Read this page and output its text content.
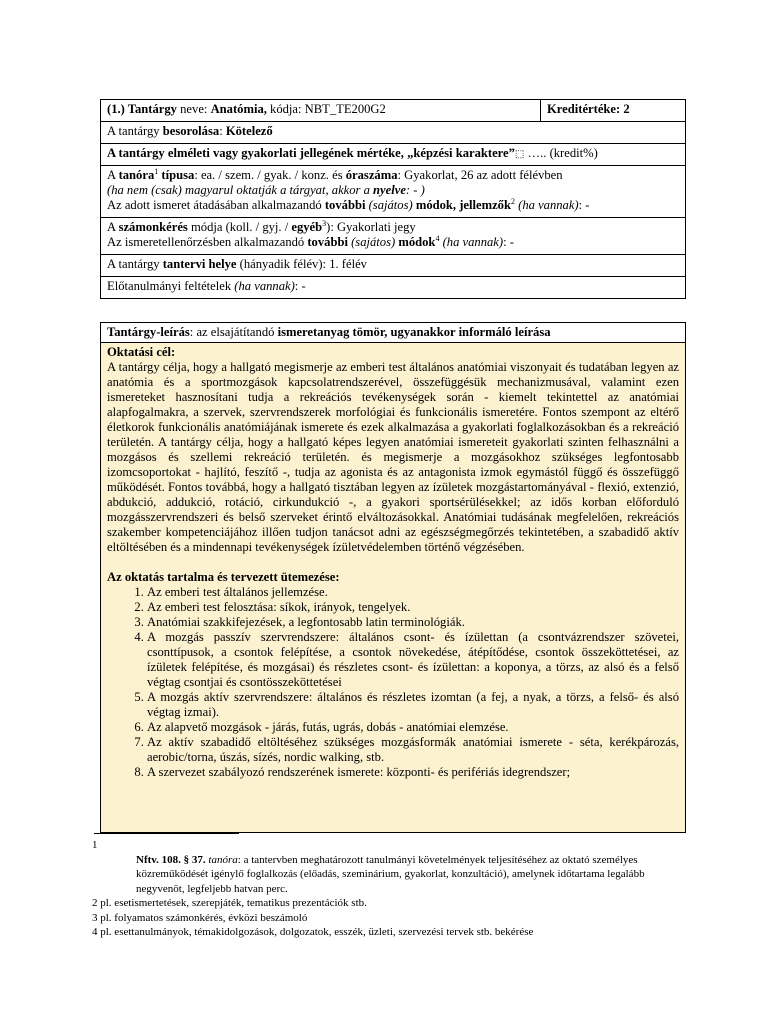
(1.) Tantárgy neve: Anatómia, kódja: NBT_TE200G2	Kreditértéke: 2
A tantárgy besorolása: Kötelező
A tantárgy elméleti vagy gyakorlati jellegének mértéke, „képzési karaktere”⬚ ….. (kredit%)

A tanóra$^1$ típusa: ea. / szem. / gyak. / konz. és óraszáma: Gyakorlat, 26 az adott félévben
(ha nem (csak) magyarul oktatják a tárgyat, akkor a nyelve: - )
Az adott ismeret átadásában alkalmazandó további (sajátos) módok, jellemzők$^2$ (ha vannak): -

A számonkérés módja (koll. / gyj. / egyéb$^3$): Gyakorlati jegy
Az ismeretellenőrzésben alkalmazandó további (sajátos) módok$^4$ (ha vannak): -

A tantárgy tantervi helye (hányadik félév): 1. félév
Előtanulmányi feltételek (ha vannak): -
Tantárgy-leírás: az elsajátítandó ismeretanyag tömör, ugyanakkor informáló leírása
Oktatási cél:
A tantárgy célja, hogy a hallgató megismerje az emberi test általános anatómiai viszonyait és tudatában legyen az anatómia és a sportmozgások kapcsolatrendszerével, összefüggésük mechanizmusával, valamint ezen ismereteket hasznosítani tudja a rekreációs tevékenységek során - kiemelt tekintettel az anatómiai alapfogalmakra, a szervek, szervrendszerek morfológiai és funkcionális ismeretére. Fontos szempont az eltérő életkorok funkcionális anatómiájának ismerete és ezek alkalmazása a gyakorlati foglalkozásokban és a rekreáció területén. A tantárgy célja, hogy a hallgató képes legyen anatómiai ismereteit gyakorlati szinten felhasználni a mozgásos és szellemi rekreáció területén. és megismerje a mozgásokhoz szükséges legfontosabb izomcsoportokat - hajlító, feszítő -, tudja az agonista és az antagonista izmok egymástól függő és összefüggő működését. Fontos továbbá, hogy a hallgató tisztában legyen az ízületek mozgástartományával - flexió, extenzió, abdukció, addukció, rotáció, cirkundukció -, a gyakori sportsérülésekkel; az idős korban előforduló mozgásszervrendszeri és belső szerveket érintő elváltozásokkal. Anatómiai tudásának megfelelően, rekreációs szakember kompetenciájához illően tudjon tanácsot adni az egészségmegőrzés tekintetében, a szabadidő aktív eltöltésében és a mindennapi tevékenységek ízületvédelemben történő végzésében.
Az oktatás tartalma és tervezett ütemezése:
1. Az emberi test általános jellemzése.
2. Az emberi test felosztása: síkok, irányok, tengelyek.
3. Anatómiai szakkifejezések, a legfontosabb latin terminológiák.
4. A mozgás passzív szervrendszere: általános csont- és ízülettan (a csontvázrendszer szövetei, csonttípusok, a csontok felépítése, a csontok növekedése, átépítődése, csontok összeköttetései, az ízületek felépítése, és mozgásai) és részletes csont- és ízülettan: a koponya, a törzs, az alsó és a felső végtag csontjai és csontösszeköttetései
5. A mozgás aktív szervrendszere: általános és részletes izomtan (a fej, a nyak, a törzs, a felső- és alsó végtag izmai).
6. Az alapvető mozgások - járás, futás, ugrás, dobás - anatómiai elemzése.
7. Az aktív szabadidő eltöltéséhez szükséges mozgásformák anatómiai ismerete - séta, kerékpározás, aerobic/torna, úszás, sízés, nordic walking, stb.
8. A szervezet szabályozó rendszerének ismerete: központi- és perifériás idegrendszer;

1

Nftv. 108. § 37. tanóra: a tantervben meghatározott tanulmányi követelmények teljesítéséhez az oktató személyes közreműködését igénylő foglalkozás (előadás, szeminárium, gyakorlat, konzultáció), amelynek időtartama legalább negyvenöt, legfeljebb hatvan perc.

2 pl. esetismertetések, szerepjáték, tematikus prezentációk stb.

3 pl. folyamatos számonkérés, évközi beszámoló

4 pl. esettanulmányok, témakidolgozások, dolgozatok, esszék, üzleti, szervezési tervek stb. bekérése
